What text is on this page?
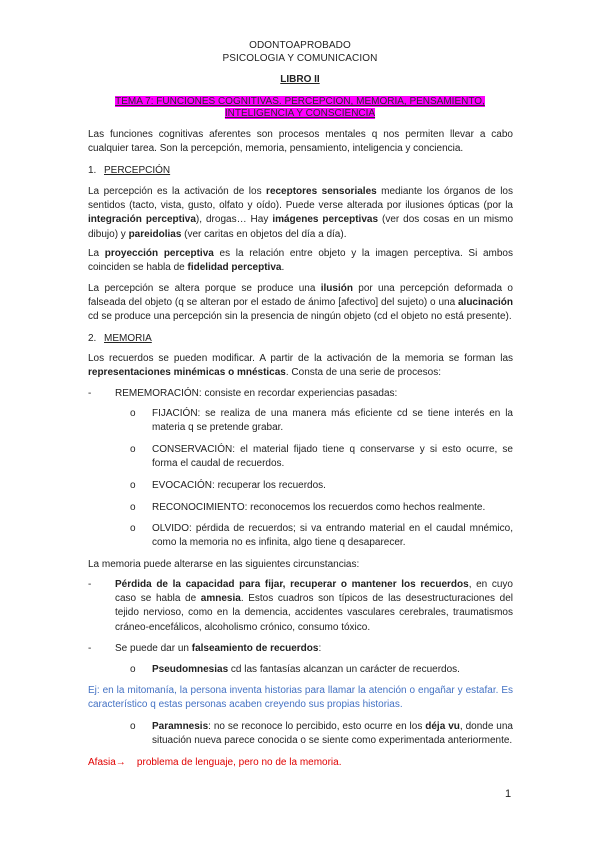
ODONTOAPROBADO
PSICOLOGIA Y COMUNICACION
LIBRO II
TEMA 7: FUNCIONES COGNITIVAS. PERCEPCION, MEMORIA, PENSAMIENTO, INTELIGENCIA Y CONSCIENCIA
Las funciones cognitivas aferentes son procesos mentales q nos permiten llevar a cabo cualquier tarea. Son la percepción, memoria, pensamiento, inteligencia y conciencia.
1. PERCEPCIÓN
La percepción es la activación de los receptores sensoriales mediante los órganos de los sentidos (tacto, vista, gusto, olfato y oído). Puede verse alterada por ilusiones ópticas (por la integración perceptiva), drogas… Hay imágenes perceptivas (ver dos cosas en un mismo dibujo) y pareidolias (ver caritas en objetos del día a día).
La proyección perceptiva es la relación entre objeto y la imagen perceptiva. Si ambos coinciden se habla de fidelidad perceptiva.
La percepción se altera porque se produce una ilusión por una percepción deformada o falseada del objeto (q se alteran por el estado de ánimo [afectivo] del sujeto) o una alucinación cd se produce una percepción sin la presencia de ningún objeto (cd el objeto no está presente).
2. MEMORIA
Los recuerdos se pueden modificar. A partir de la activación de la memoria se forman las representaciones minémicas o mnésticas. Consta de una serie de procesos:
- REMEMORACIÓN: consiste en recordar experiencias pasadas:
o FIJACIÓN: se realiza de una manera más eficiente cd se tiene interés en la materia q se pretende grabar.
o CONSERVACIÓN: el material fijado tiene q conservarse y si esto ocurre, se forma el caudal de recuerdos.
o EVOCACIÓN: recuperar los recuerdos.
o RECONOCIMIENTO: reconocemos los recuerdos como hechos realmente.
o OLVIDO: pérdida de recuerdos; si va entrando material en el caudal mnémico, como la memoria no es infinita, algo tiene q desaparecer.
La memoria puede alterarse en las siguientes circunstancias:
- Pérdida de la capacidad para fijar, recuperar o mantener los recuerdos, en cuyo caso se habla de amnesia. Estos cuadros son típicos de las desestructuraciones del tejido nervioso, como en la demencia, accidentes vasculares cerebrales, traumatismos cráneo-encefálicos, alcoholismo crónico, consumo tóxico.
- Se puede dar un falseamiento de recuerdos:
o Pseudomnesias cd las fantasías alcanzan un carácter de recuerdos.
Ej: en la mitomanía, la persona inventa historias para llamar la atención o engañar y estafar. Es característico q estas personas acaben creyendo sus propias historias.
o Paramnesis: no se reconoce lo percibido, esto ocurre en los déja vu, donde una situación nueva parece conocida o se siente como experimentada anteriormente.
Afasia→ problema de lenguaje, pero no de la memoria.
1
